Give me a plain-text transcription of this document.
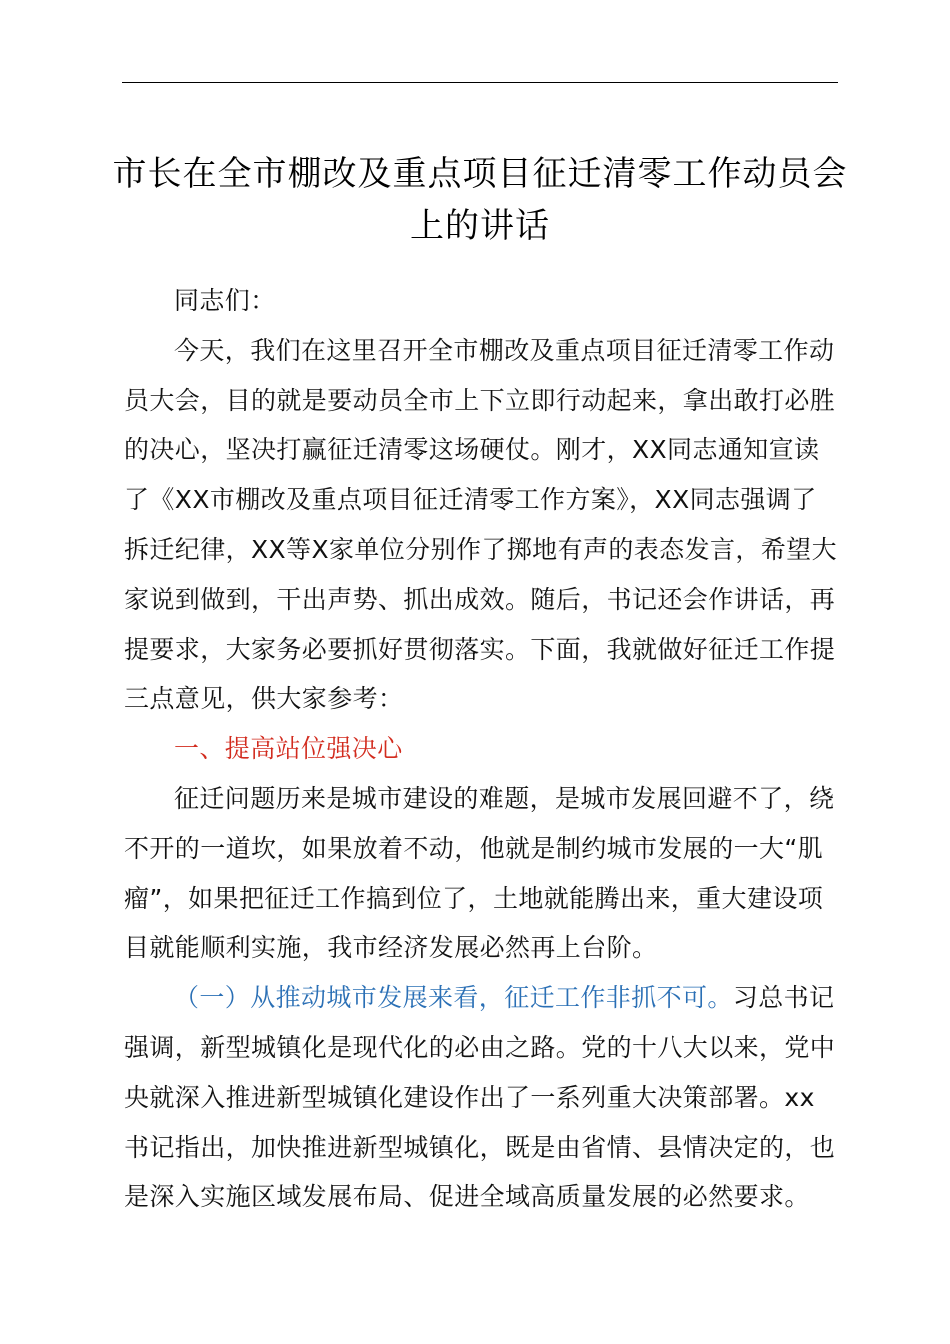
市长在全市棚改及重点项目征迁清零工作动员会上的讲话

同志们：

今天，我们在这里召开全市棚改及重点项目征迁清零工作动员大会，目的就是要动员全市上下立即行动起来，拿出敢打必胜的决心，坚决打赢征迁清零这场硬仗。刚才，XX同志通知宣读了《XX市棚改及重点项目征迁清零工作方案》，XX同志强调了拆迁纪律，XX等X家单位分别作了掷地有声的表态发言，希望大家说到做到，干出声势、抓出成效。随后，书记还会作讲话，再提要求，大家务必要抓好贯彻落实。下面，我就做好征迁工作提三点意见，供大家参考：

一、提高站位强决心

征迁问题历来是城市建设的难题，是城市发展回避不了，绕不开的一道坎，如果放着不动，他就是制约城市发展的一大“肌瘤”，如果把征迁工作搞到位了，土地就能腾出来，重大建设项目就能顺利实施，我市经济发展必然再上台阶。

（一）从推动城市发展来看，征迁工作非抓不可。习总书记强调，新型城镇化是现代化的必由之路。党的十八大以来，党中央就深入推进新型城镇化建设作出了一系列重大决策部署。xx书记指出，加快推进新型城镇化，既是由省情、县情决定的，也是深入实施区域发展布局、促进全域高质量发展的必然要求。
